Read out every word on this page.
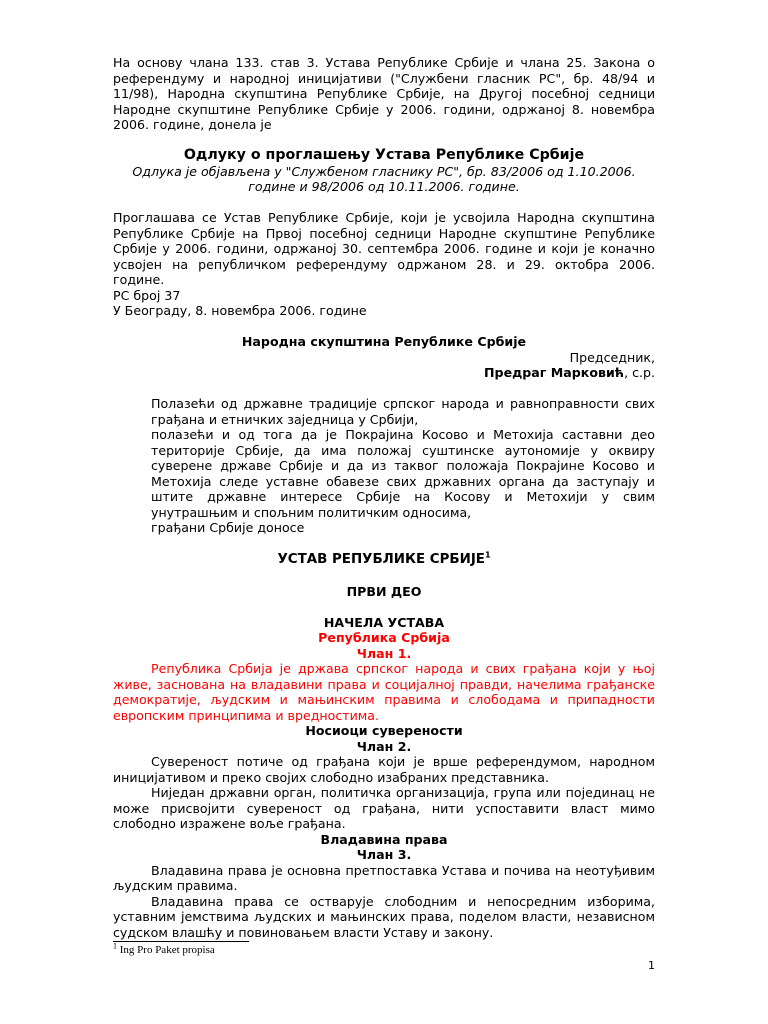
На основу члана 133. став 3. Устава Републике Србије и члана 25. Закона о референдуму и народној иницијативи ("Службени гласник РС", бр. 48/94 и 11/98), Народна скупштина Републике Србије, на Другој посебној седници Народне скупштине Републике Србије у 2006. години, одржаној 8. новембра 2006. године, донела је

Одлуку о проглашењу Устава Републике Србије

Одлука је објављена у "Службеном гласнику РС", бр. 83/2006 од 1.10.2006.

године и 98/2006 од 10.11.2006. године.

Проглашава се Устав Републике Србије, који је усвојила Народна скупштина Републике Србије на Првој посебној седници Народне скупштине Републике Србије у 2006. години, одржаној 30. септембра 2006. године и који је коначно усвојен на републичком референдуму одржаном 28. и 29. октобра 2006. године.

РС број 37

У Београду, 8. новембра 2006. године

Народна скупштина Републике Србије

Председник,

Предраг Марковић, с.р.

Полазећи од државне традиције српског народа и равноправности свих грађана и етничких заједница у Србији,

полазећи и од тога да је Покрајина Косово и Метохија саставни део територије Србије, да има положај суштинске аутономије у оквиру суверене државе Србије и да из таквог положаја Покрајине Косово и Метохија следе уставне обавезе свих државних органа да заступају и штите државне интересе Србије на Косову и Метохији у свим унутрашњим и спољним политичким односима,

грађани Србије доносе

УСТАВ РЕПУБЛИКЕ СРБИЈЕ$^1$

ПРВИ ДЕО

НАЧЕЛА УСТАВА

Република Србија

Члан 1.

Република Србија је држава српског народа и свих грађана који у њој живе, заснована на владавини права и социјалној правди, начелима грађанске демократије, људским и мањинским правима и слободама и припадности европским принципима и вредностима.

Носиоци суверености

Члан 2.

Сувереност потиче од грађана који је врше референдумом, народном иницијативом и преко својих слободно изабраних представника.

Ниједан државни орган, политичка организација, група или појединац не може присвојити сувереност од грађана, нити успоставити власт мимо слободно изражене воље грађана.

Владавина права

Члан 3.

Владавина права је основна претпоставка Устава и почива на неотуђивим људским правима.

Владавина права се остварује слободним и непосредним изборима, уставним јемствима људских и мањинских права, поделом власти, независном судском влашћу и повиновањем власти Уставу и закону.

$^1$ Ing Pro Paket propisa

1
